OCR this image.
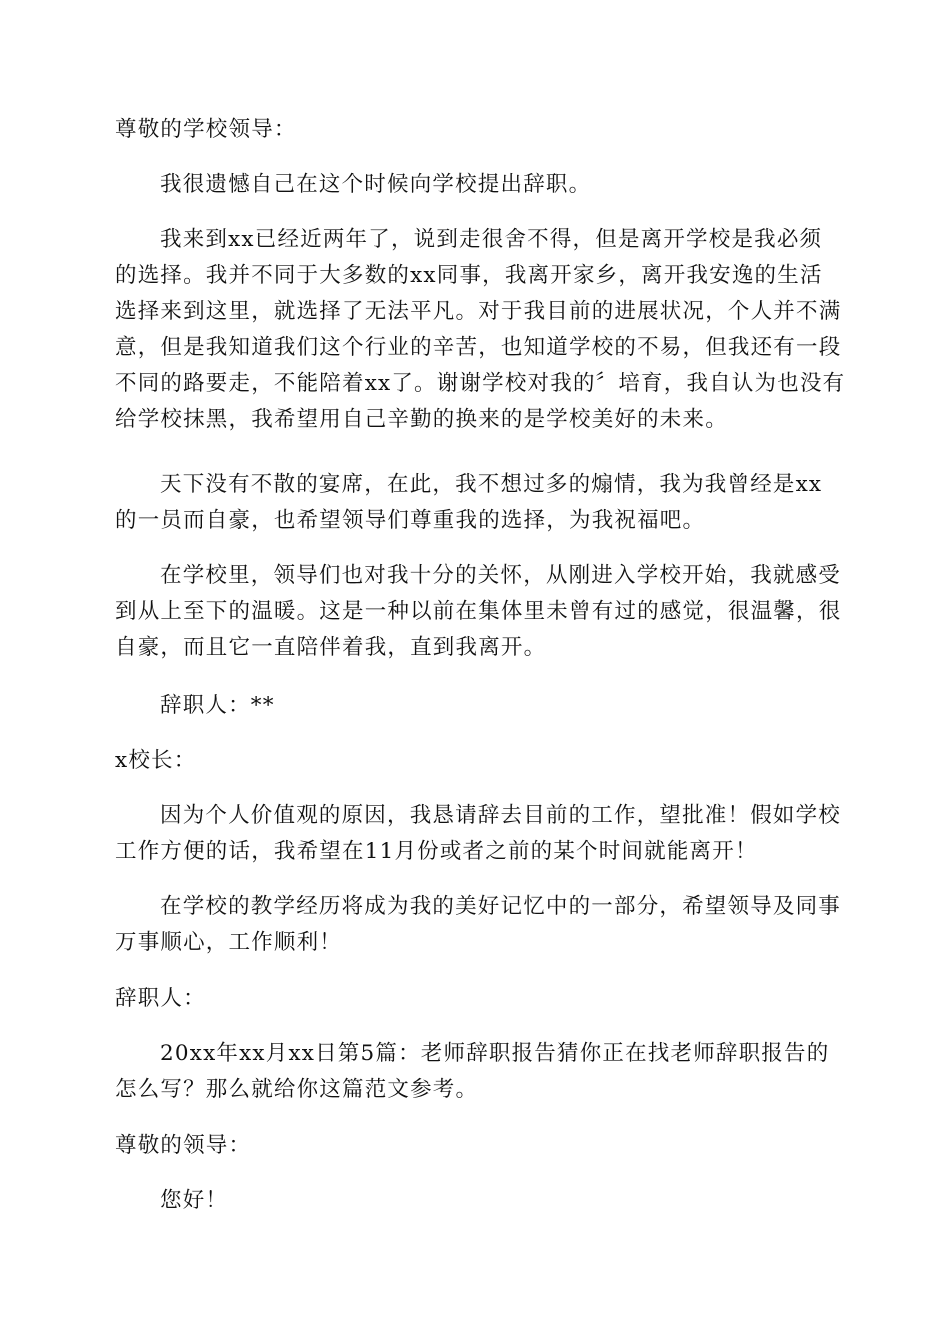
尊敬的学校领导：
我很遗憾自己在这个时候向学校提出辞职。
我来到xx已经近两年了，说到走很舍不得，但是离开学校是我必须
的选择。我并不同于大多数的xx同事，我离开家乡，离开我安逸的生活
选择来到这里，就选择了无法平凡。对于我目前的进展状况，个人并不满
意，但是我知道我们这个行业的辛苦，也知道学校的不易，但我还有一段
不同的路要走，不能陪着xx了。谢谢学校对我的〞培育，我自认为也没有
给学校抹黑，我希望用自己辛勤的换来的是学校美好的未来。
天下没有不散的宴席，在此，我不想过多的煽情，我为我曾经是xx
的一员而自豪，也希望领导们尊重我的选择，为我祝福吧。
在学校里，领导们也对我十分的关怀，从刚进入学校开始，我就感受
到从上至下的温暖。这是一种以前在集体里未曾有过的感觉，很温馨，很
自豪，而且它一直陪伴着我，直到我离开。
辞职人：**
x校长：
因为个人价值观的原因，我恳请辞去目前的工作，望批准！假如学校
工作方便的话，我希望在11月份或者之前的某个时间就能离开！
在学校的教学经历将成为我的美好记忆中的一部分，希望领导及同事
万事顺心，工作顺利！
辞职人：
20xx年xx月xx日第5篇：老师辞职报告猜你正在找老师辞职报告的
怎么写？那么就给你这篇范文参考。
尊敬的领导：
您好！
